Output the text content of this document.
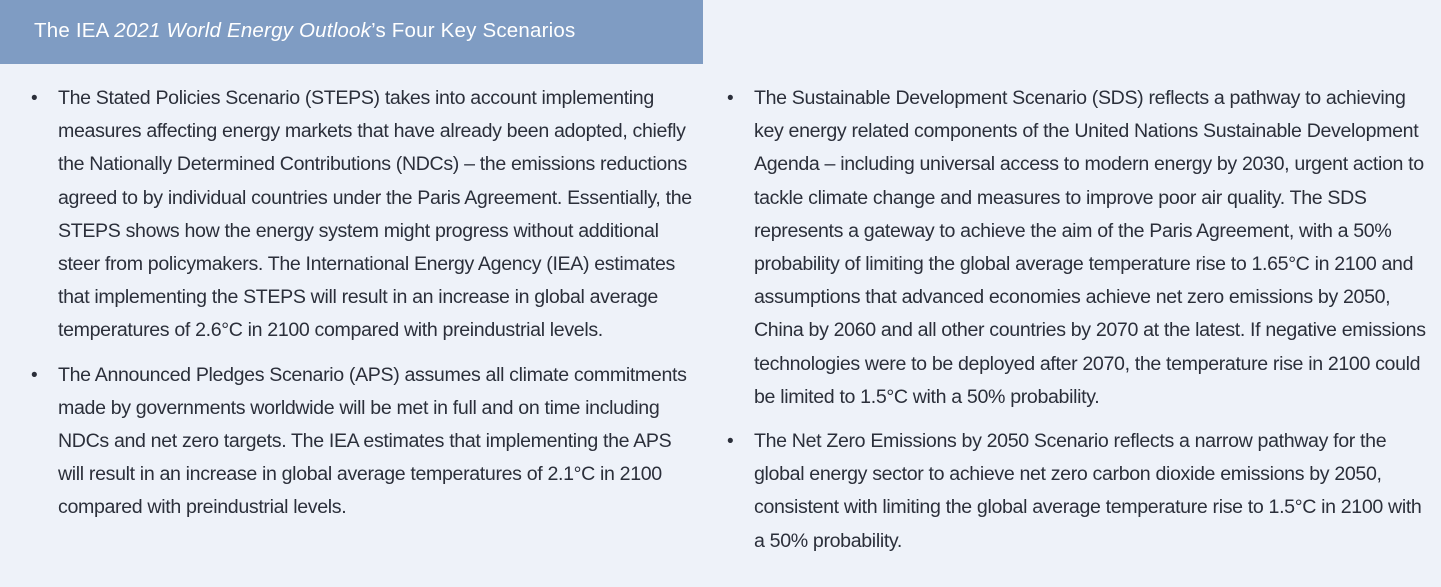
The IEA 2021 World Energy Outlook’s Four Key Scenarios
• The Stated Policies Scenario (STEPS) takes into account implementing measures affecting energy markets that have already been adopted, chiefly the Nationally Determined Contributions (NDCs) – the emissions reductions agreed to by individual countries under the Paris Agreement. Essentially, the STEPS shows how the energy system might progress without additional steer from policymakers. The International Energy Agency (IEA) estimates that implementing the STEPS will result in an increase in global average temperatures of 2.6°C in 2100 compared with preindustrial levels.
• The Announced Pledges Scenario (APS) assumes all climate commitments made by governments worldwide will be met in full and on time including NDCs and net zero targets. The IEA estimates that implementing the APS will result in an increase in global average temperatures of 2.1°C in 2100 compared with preindustrial levels.
• The Sustainable Development Scenario (SDS) reflects a pathway to achieving key energy related components of the United Nations Sustainable Development Agenda – including universal access to modern energy by 2030, urgent action to tackle climate change and measures to improve poor air quality. The SDS represents a gateway to achieve the aim of the Paris Agreement, with a 50% probability of limiting the global average temperature rise to 1.65°C in 2100 and assumptions that advanced economies achieve net zero emissions by 2050, China by 2060 and all other countries by 2070 at the latest. If negative emissions technologies were to be deployed after 2070, the temperature rise in 2100 could be limited to 1.5°C with a 50% probability.
• The Net Zero Emissions by 2050 Scenario reflects a narrow pathway for the global energy sector to achieve net zero carbon dioxide emissions by 2050, consistent with limiting the global average temperature rise to 1.5°C in 2100 with a 50% probability.
